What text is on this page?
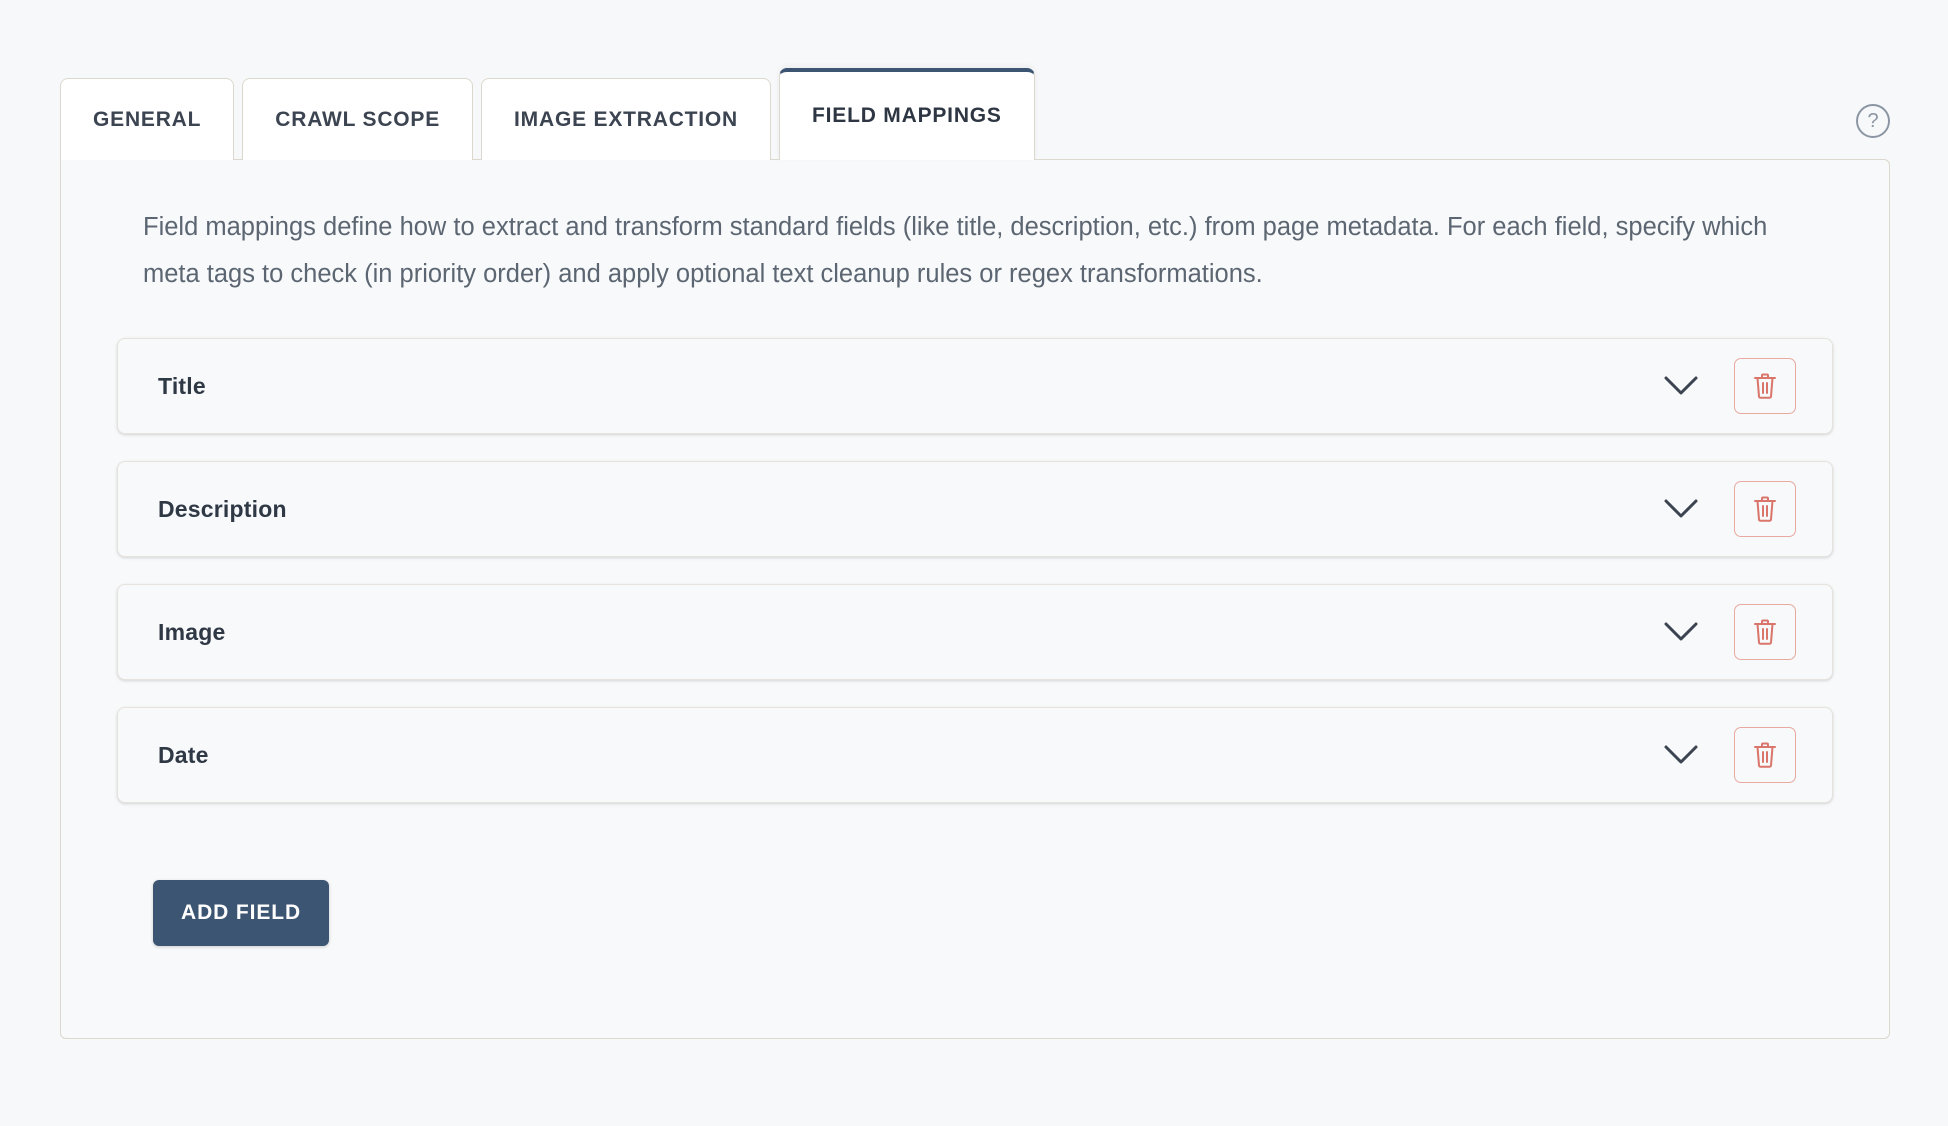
GENERAL	CRAWL SCOPE	IMAGE EXTRACTION	FIELD MAPPINGS	?

Field mappings define how to extract and transform standard fields (like title, description, etc.) from page metadata. For each field, specify which meta tags to check (in priority order) and apply optional text cleanup rules or regex transformations.

Title
Description
Image
Date
ADD FIELD
